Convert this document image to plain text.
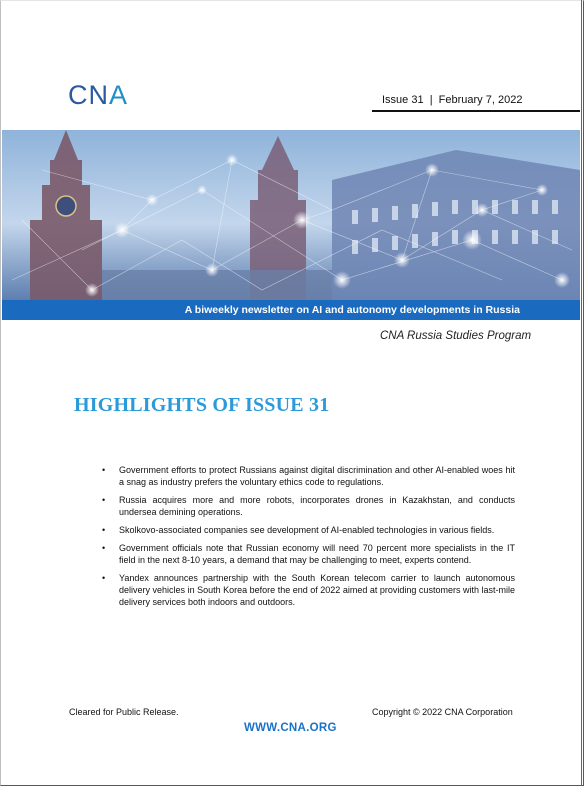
CNA	Issue 31  |  February 7, 2022
A biweekly newsletter on AI and autonomy developments in Russia
CNA Russia Studies Program
HIGHLIGHTS OF ISSUE 31
• Government efforts to protect Russians against digital discrimination and other AI-enabled woes hit a snag as industry prefers the voluntary ethics code to regulations.
• Russia acquires more and more robots, incorporates drones in Kazakhstan, and conducts undersea demining operations.
• Skolkovo-associated companies see development of AI-enabled technologies in various fields.
• Government officials note that Russian economy will need 70 percent more specialists in the IT field in the next 8-10 years, a demand that may be challenging to meet, experts contend.
• Yandex announces partnership with the South Korean telecom carrier to launch autonomous delivery vehicles in South Korea before the end of 2022 aimed at providing customers with last-mile delivery services both indoors and outdoors.
Cleared for Public Release.	Copyright © 2022 CNA Corporation
WWW.CNA.ORG
